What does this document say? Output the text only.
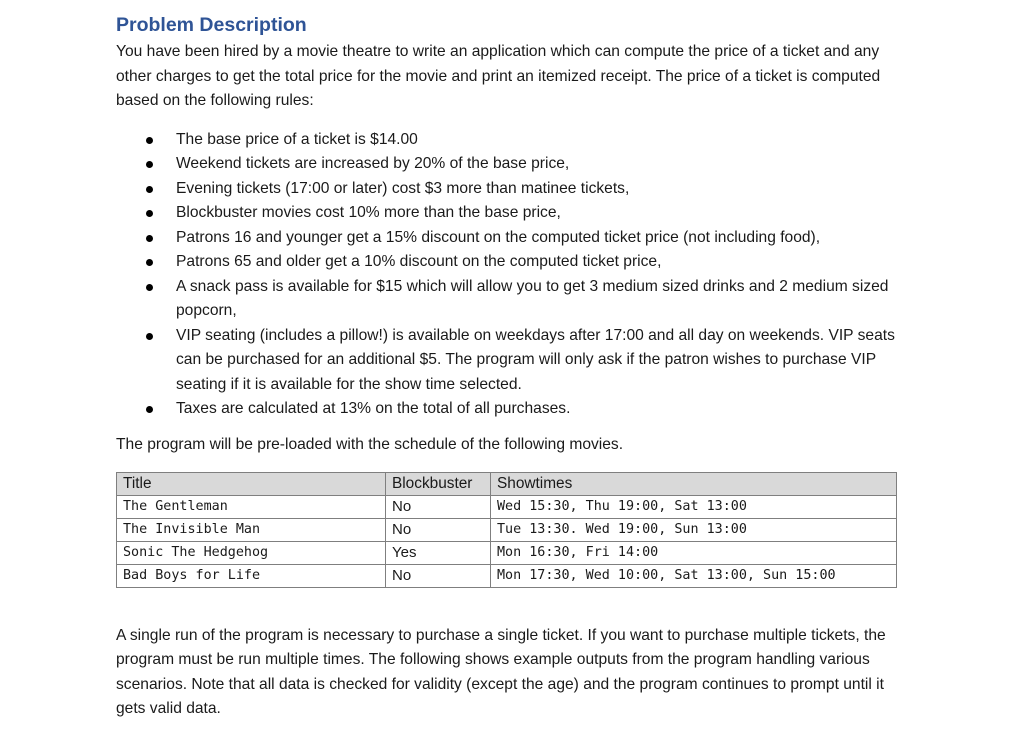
Problem Description

You have been hired by a movie theatre to write an application which can compute the price of a ticket and any other charges to get the total price for the movie and print an itemized receipt. The price of a ticket is computed based on the following rules:

The base price of a ticket is $14.00
Weekend tickets are increased by 20% of the base price,
Evening tickets (17:00 or later) cost $3 more than matinee tickets,
Blockbuster movies cost 10% more than the base price,
Patrons 16 and younger get a 15% discount on the computed ticket price (not including food),
Patrons 65 and older get a 10% discount on the computed ticket price,
A snack pass is available for $15 which will allow you to get 3 medium sized drinks and 2 medium sized popcorn,
VIP seating (includes a pillow!) is available on weekdays after 17:00 and all day on weekends. VIP seats can be purchased for an additional $5. The program will only ask if the patron wishes to purchase VIP seating if it is available for the show time selected.
Taxes are calculated at 13% on the total of all purchases.

The program will be pre-loaded with the schedule of the following movies.

Title	Blockbuster	Showtimes
The Gentleman	No	Wed 15:30, Thu 19:00, Sat 13:00
The Invisible Man	No	Tue 13:30. Wed 19:00, Sun 13:00
Sonic The Hedgehog	Yes	Mon 16:30, Fri 14:00
Bad Boys for Life	No	Mon 17:30, Wed 10:00, Sat 13:00, Sun 15:00

A single run of the program is necessary to purchase a single ticket. If you want to purchase multiple tickets, the program must be run multiple times. The following shows example outputs from the program handling various scenarios. Note that all data is checked for validity (except the age) and the program continues to prompt until it gets valid data.
